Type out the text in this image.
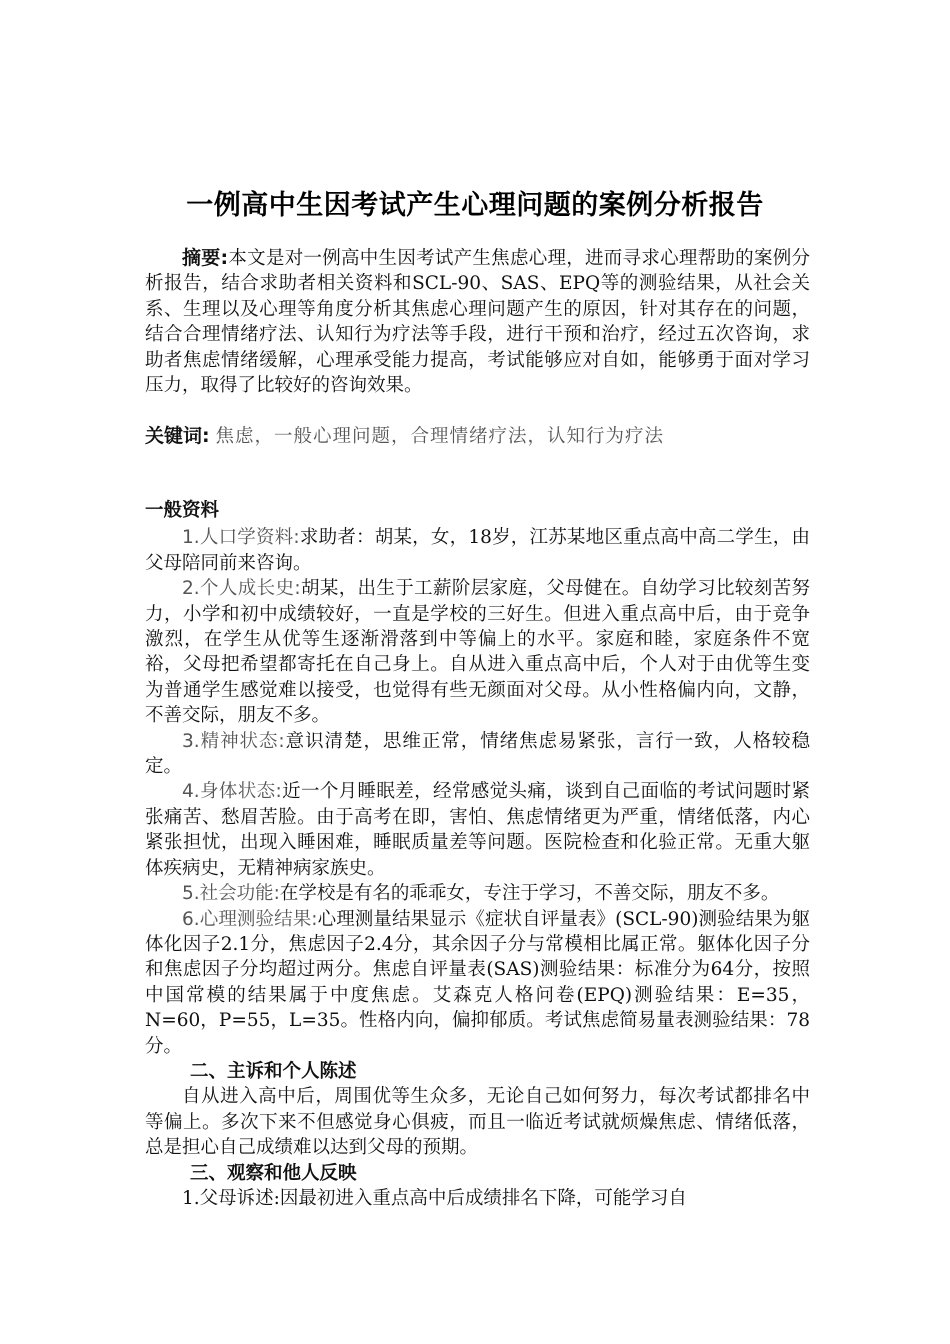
一例高中生因考试产生心理问题的案例分析报告

摘要:本文是对一例高中生因考试产生焦虑心理，进而寻求心理帮助的案例分析报告，结合求助者相关资料和SCL-90、SAS、EPQ等的测验结果，从社会关系、生理以及心理等角度分析其焦虑心理问题产生的原因，针对其存在的问题，结合合理情绪疗法、认知行为疗法等手段，进行干预和治疗，经过五次咨询，求助者焦虑情绪缓解，心理承受能力提高，考试能够应对自如，能够勇于面对学习压力，取得了比较好的咨询效果。

关键词: 焦虑，一般心理问题，合理情绪疗法，认知行为疗法
一般资料

1.人口学资料:求助者：胡某，女，18岁，江苏某地区重点高中高二学生，由父母陪同前来咨询。

2.个人成长史:胡某，出生于工薪阶层家庭，父母健在。自幼学习比较刻苦努力，小学和初中成绩较好，一直是学校的三好生。但进入重点高中后，由于竞争激烈，在学生从优等生逐渐滑落到中等偏上的水平。家庭和睦，家庭条件不宽裕，父母把希望都寄托在自己身上。自从进入重点高中后，个人对于由优等生变为普通学生感觉难以接受，也觉得有些无颜面对父母。从小性格偏内向，文静，不善交际，朋友不多。

3.精神状态:意识清楚，思维正常，情绪焦虑易紧张，言行一致，人格较稳定。

4.身体状态:近一个月睡眠差，经常感觉头痛，谈到自己面临的考试问题时紧张痛苦、愁眉苦脸。由于高考在即，害怕、焦虑情绪更为严重，情绪低落，内心紧张担忧，出现入睡困难，睡眠质量差等问题。医院检查和化验正常。无重大躯体疾病史，无精神病家族史。

5.社会功能:在学校是有名的乖乖女，专注于学习，不善交际，朋友不多。

6.心理测验结果:心理测量结果显示《症状自评量表》(SCL-90)测验结果为躯体化因子2.1分，焦虑因子2.4分，其余因子分与常模相比属正常。躯体化因子分和焦虑因子分均超过两分。焦虑自评量表(SAS)测验结果：标准分为64分，按照中国常模的结果属于中度焦虑。艾森克人格问卷(EPQ)测验结果：E=35，N=60，P=55，L=35。性格内向，偏抑郁质。考试焦虑简易量表测验结果：78分。

二、主诉和个人陈述

自从进入高中后，周围优等生众多，无论自己如何努力，每次考试都排名中等偏上。多次下来不但感觉身心俱疲，而且一临近考试就烦燥焦虑、情绪低落，总是担心自己成绩难以达到父母的预期。

三、观察和他人反映

1.父母诉述:因最初进入重点高中后成绩排名下降，可能学习自
